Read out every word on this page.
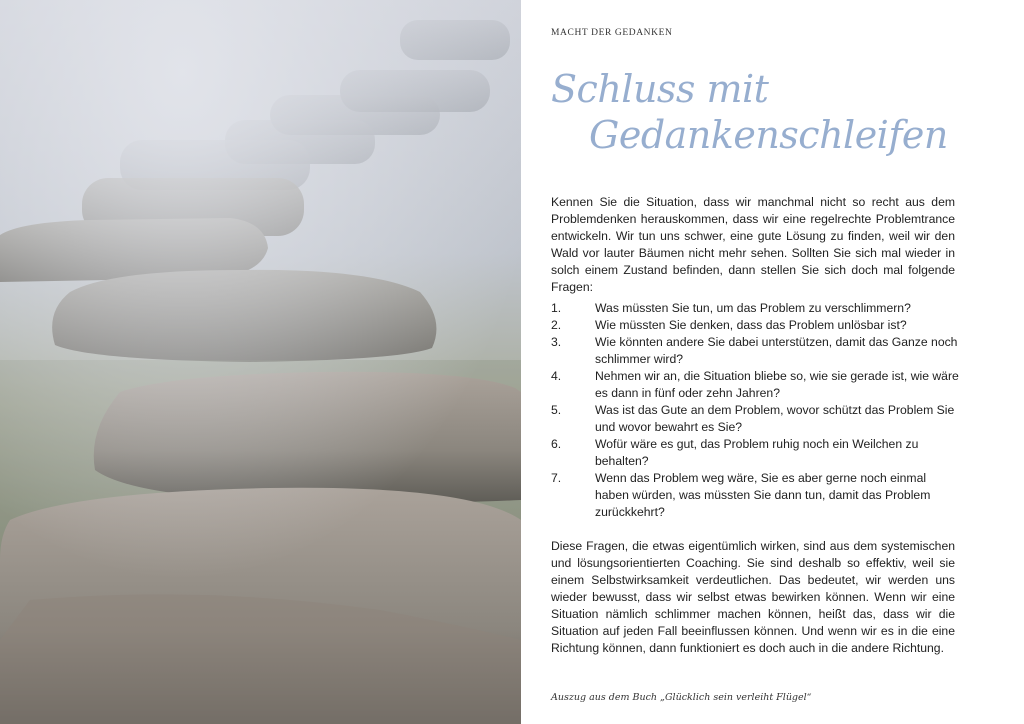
MACHT DER GEDANKEN
Schluss mit
Gedankenschleifen

Kennen Sie die Situation, dass wir manchmal nicht so recht aus dem Problemdenken herauskommen, dass wir eine regelrechte Problemtrance entwickeln. Wir tun uns schwer, eine gute Lösung zu finden, weil wir den Wald vor lauter Bäumen nicht mehr sehen. Sollten Sie sich mal wieder in solch einem Zustand befinden, dann stellen Sie sich doch mal folgende Fragen:

1.	Was müssten Sie tun, um das Problem zu verschlimmern?
2.	Wie müssten Sie denken, dass das Problem unlösbar ist?
3.	Wie könnten andere Sie dabei unterstützen, damit das Ganze noch schlimmer wird?
4.	Nehmen wir an, die Situation bliebe so, wie sie gerade ist, wie wäre es dann in fünf oder zehn Jahren?
5.	Was ist das Gute an dem Problem, wovor schützt das Problem Sie und wovor bewahrt es Sie?
6.	Wofür wäre es gut, das Problem ruhig noch ein Weilchen zu behalten?
7.	Wenn das Problem weg wäre, Sie es aber gerne noch einmal haben würden, was müssten Sie dann tun, damit das Problem zurückkehrt?

Diese Fragen, die etwas eigentümlich wirken, sind aus dem systemischen und lösungsorientierten Coaching. Sie sind deshalb so effektiv, weil sie einem Selbstwirksamkeit verdeutlichen. Das bedeutet, wir werden uns wieder bewusst, dass wir selbst etwas bewirken können. Wenn wir eine Situation nämlich schlimmer machen können, heißt das, dass wir die Situation auf jeden Fall beeinflussen können. Und wenn wir es in die eine Richtung können, dann funktioniert es doch auch in die andere Richtung.

Auszug aus dem Buch „Glücklich sein verleiht Flügel“
